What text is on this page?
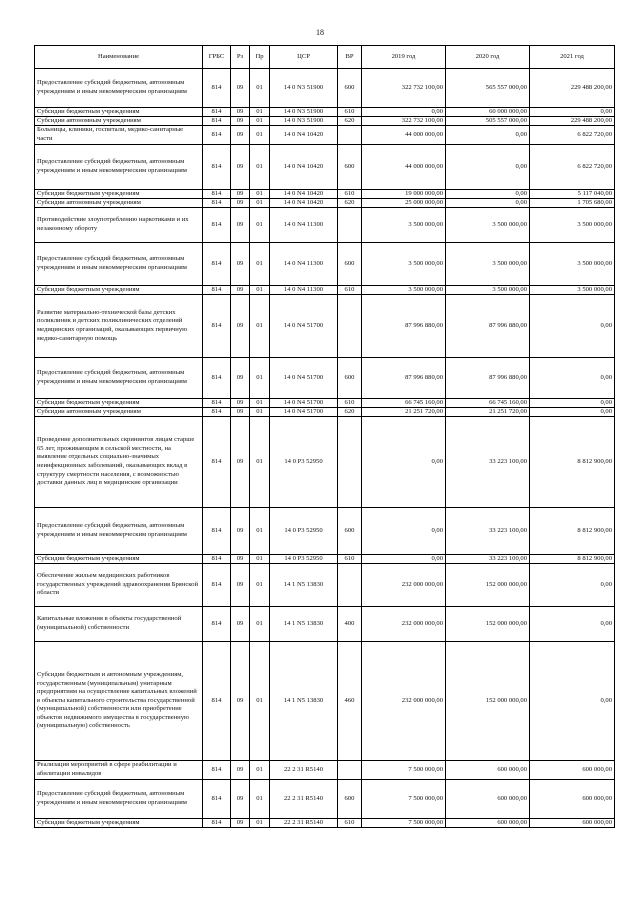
18
Наименование	ГРБС	Рз	Пр	ЦСР	ВР	2019 год	2020 год	2021 год
Предоставление субсидий бюджетным, автономным учреждениям и иным некоммерческим организациям	814	09	01	14 0 N3 51900	600	322 732 100,00	565 557 000,00	229 488 200,00
Субсидии бюджетным учреждениям	814	09	01	14 0 N3 51900	610	0,00	60 000 000,00	0,00
Субсидии автономным учреждениям	814	09	01	14 0 N3 51900	620	322 732 100,00	505 557 000,00	229 488 200,00
Больницы, клиники, госпитали, медико-санитарные части	814	09	01	14 0 N4 10420		44 000 000,00	0,00	6 822 720,00
Предоставление субсидий бюджетным, автономным учреждениям и иным некоммерческим организациям	814	09	01	14 0 N4 10420	600	44 000 000,00	0,00	6 822 720,00
Субсидии бюджетным учреждениям	814	09	01	14 0 N4 10420	610	19 000 000,00	0,00	5 117 040,00
Субсидии автономным учреждениям	814	09	01	14 0 N4 10420	620	25 000 000,00	0,00	1 705 680,00
Противодействие злоупотреблению наркотиками и их незаконному обороту	814	09	01	14 0 N4 11300		3 500 000,00	3 500 000,00	3 500 000,00
Предоставление субсидий бюджетным, автономным учреждениям и иным некоммерческим организациям	814	09	01	14 0 N4 11300	600	3 500 000,00	3 500 000,00	3 500 000,00
Субсидии бюджетным учреждениям	814	09	01	14 0 N4 11300	610	3 500 000,00	3 500 000,00	3 500 000,00
Развитие материально-технической базы детских поликлиник и детских поликлинических отделений медицинских организаций, оказывающих первичную медико-санитарную помощь	814	09	01	14 0 N4 51700		87 996 880,00	87 996 880,00	0,00
Предоставление субсидий бюджетным, автономным учреждениям и иным некоммерческим организациям	814	09	01	14 0 N4 51700	600	87 996 880,00	87 996 880,00	0,00
Субсидии бюджетным учреждениям	814	09	01	14 0 N4 51700	610	66 745 160,00	66 745 160,00	0,00
Субсидии автономным учреждениям	814	09	01	14 0 N4 51700	620	21 251 720,00	21 251 720,00	0,00
Проведение дополнительных скринингов лицам старше 65 лет, проживающим в сельской местности, на выявление отдельных социально-значимых неинфекционных заболеваний, оказывающих вклад в структуру смертности населения, с возможностью доставки данных лиц в медицинские организации	814	09	01	14 0 P3 52950		0,00	33 223 100,00	8 812 900,00
Предоставление субсидий бюджетным, автономным учреждениям и иным некоммерческим организациям	814	09	01	14 0 P3 52950	600	0,00	33 223 100,00	8 812 900,00
Субсидии бюджетным учреждениям	814	09	01	14 0 P3 52950	610	0,00	33 223 100,00	8 812 900,00
Обеспечение жильем медицинских работников государственных учреждений здравоохранения Брянской области	814	09	01	14 1 N5 13830		232 000 000,00	152 000 000,00	0,00
Капитальные вложения в объекты государственной (муниципальной) собственности	814	09	01	14 1 N5 13830	400	232 000 000,00	152 000 000,00	0,00
Субсидии бюджетным и автономным учреждениям, государственным (муниципальным) унитарным предприятиям на осуществление капитальных вложений в объекты капитального строительства государственной (муниципальной) собственности или приобретение объектов недвижимого имущества в государственную (муниципальную) собственность	814	09	01	14 1 N5 13830	460	232 000 000,00	152 000 000,00	0,00
Реализация мероприятий в сфере реабилитации и абилитации инвалидов	814	09	01	22 2 31 R5140		7 500 000,00	600 000,00	600 000,00
Предоставление субсидий бюджетным, автономным учреждениям и иным некоммерческим организациям	814	09	01	22 2 31 R5140	600	7 500 000,00	600 000,00	600 000,00
Субсидии бюджетным учреждениям	814	09	01	22 2 31 R5140	610	7 500 000,00	600 000,00	600 000,00
